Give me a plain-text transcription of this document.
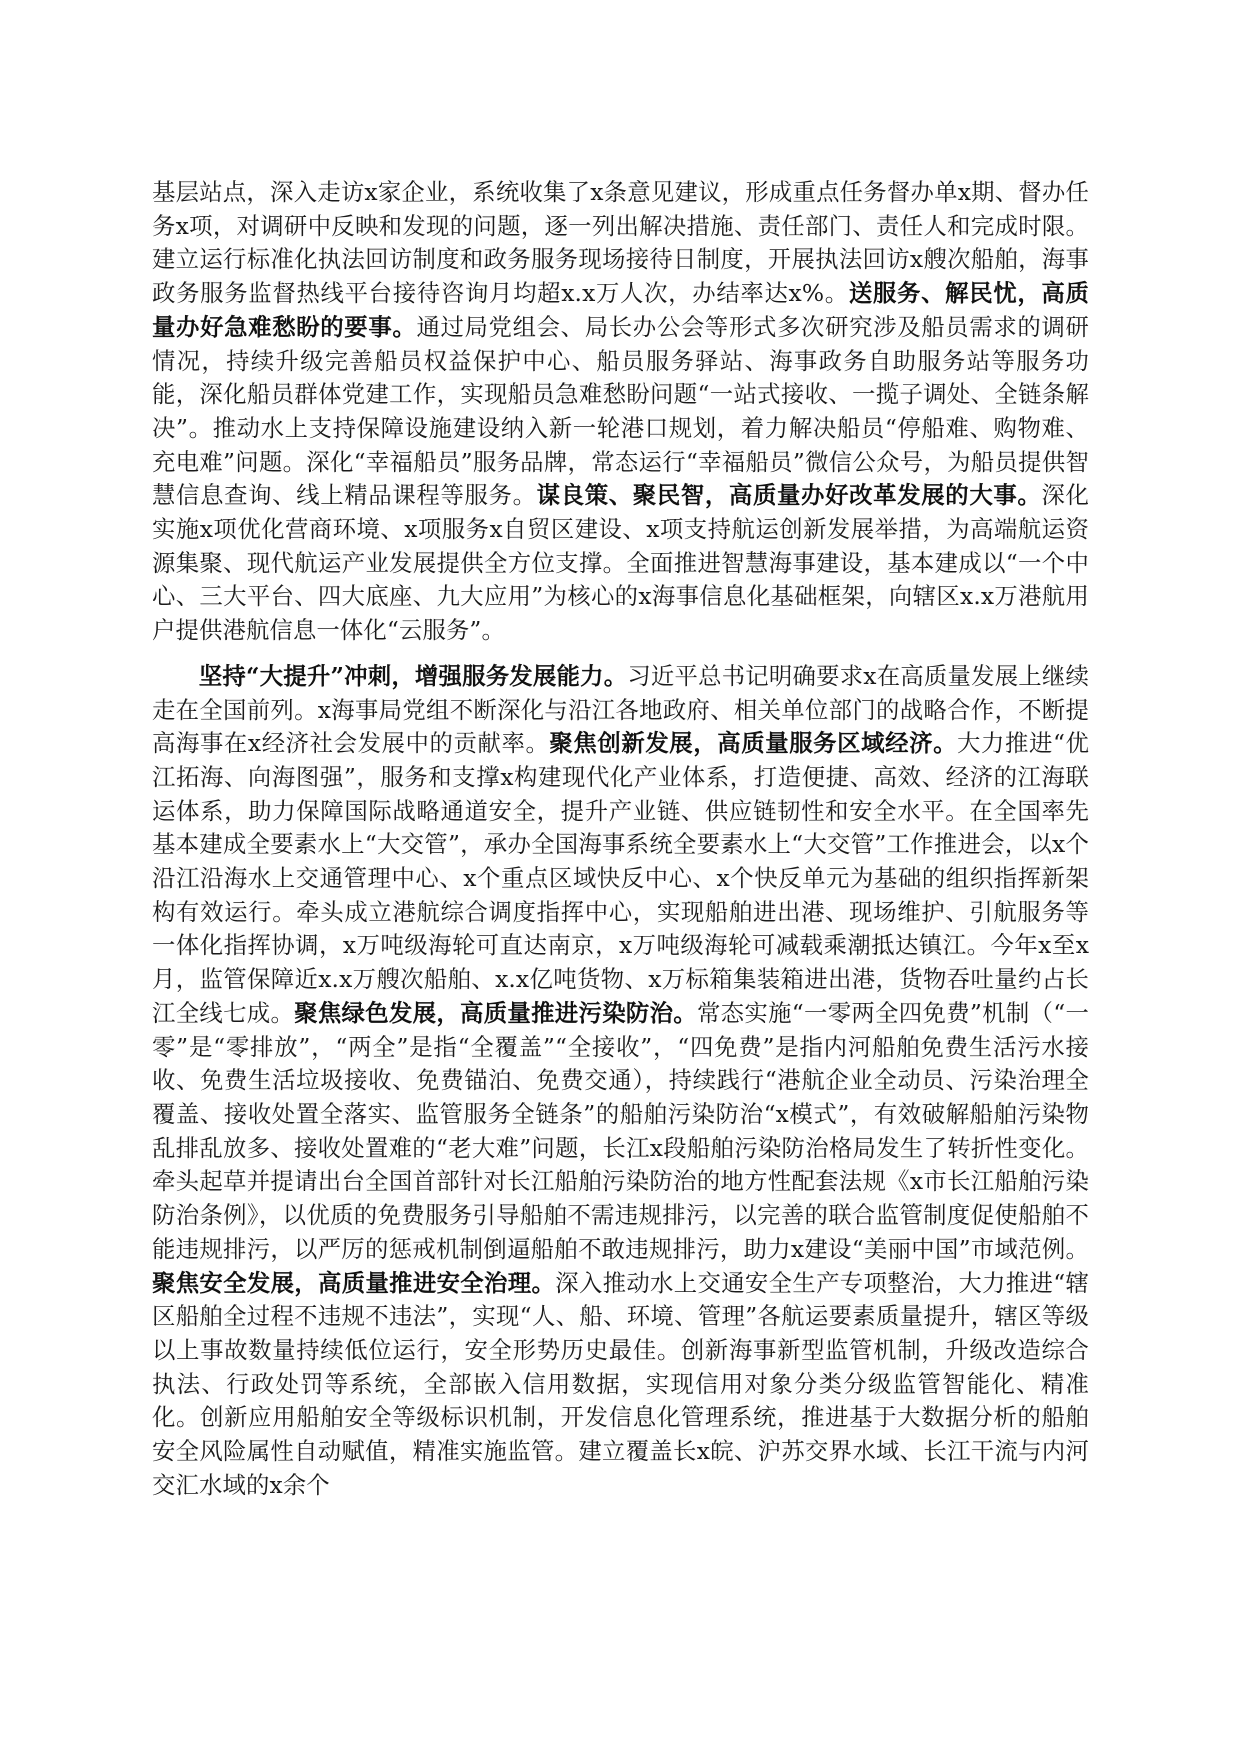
基层站点，深入走访x家企业，系统收集了x条意见建议，形成重点任务督办单x期、督办任务x项，对调研中反映和发现的问题，逐一列出解决措施、责任部门、责任人和完成时限。建立运行标准化执法回访制度和政务服务现场接待日制度，开展执法回访x艘次船舶，海事政务服务监督热线平台接待咨询月均超x.x万人次，办结率达x%。送服务、解民忧，高质量办好急难愁盼的要事。通过局党组会、局长办公会等形式多次研究涉及船员需求的调研情况，持续升级完善船员权益保护中心、船员服务驿站、海事政务自助服务站等服务功能，深化船员群体党建工作，实现船员急难愁盼问题“一站式接收、一揽子调处、全链条解决”。推动水上支持保障设施建设纳入新一轮港口规划，着力解决船员“停船难、购物难、充电难”问题。深化“幸福船员”服务品牌，常态运行“幸福船员”微信公众号，为船员提供智慧信息查询、线上精品课程等服务。谋良策、聚民智，高质量办好改革发展的大事。深化实施x项优化营商环境、x项服务x自贸区建设、x项支持航运创新发展举措，为高端航运资源集聚、现代航运产业发展提供全方位支撑。全面推进智慧海事建设，基本建成以“一个中心、三大平台、四大底座、九大应用”为核心的x海事信息化基础框架，向辖区x.x万港航用户提供港航信息一体化“云服务”。

坚持“大提升”冲刺，增强服务发展能力。习近平总书记明确要求x在高质量发展上继续走在全国前列。x海事局党组不断深化与沿江各地政府、相关单位部门的战略合作，不断提高海事在x经济社会发展中的贡献率。聚焦创新发展，高质量服务区域经济。大力推进“优江拓海、向海图强”，服务和支撑x构建现代化产业体系，打造便捷、高效、经济的江海联运体系，助力保障国际战略通道安全，提升产业链、供应链韧性和安全水平。在全国率先基本建成全要素水上“大交管”，承办全国海事系统全要素水上“大交管”工作推进会，以x个沿江沿海水上交通管理中心、x个重点区域快反中心、x个快反单元为基础的组织指挥新架构有效运行。牵头成立港航综合调度指挥中心，实现船舶进出港、现场维护、引航服务等一体化指挥协调，x万吨级海轮可直达南京，x万吨级海轮可减载乘潮抵达镇江。今年x至x月，监管保障近x.x万艘次船舶、x.x亿吨货物、x万标箱集装箱进出港，货物吞吐量约占长江全线七成。聚焦绿色发展，高质量推进污染防治。常态实施“一零两全四免费”机制（“一零”是“零排放”，“两全”是指“全覆盖”“全接收”，“四免费”是指内河船舶免费生活污水接收、免费生活垃圾接收、免费锚泊、免费交通），持续践行“港航企业全动员、污染治理全覆盖、接收处置全落实、监管服务全链条”的船舶污染防治“x模式”，有效破解船舶污染物乱排乱放多、接收处置难的“老大难”问题，长江x段船舶污染防治格局发生了转折性变化。牵头起草并提请出台全国首部针对长江船舶污染防治的地方性配套法规《x市长江船舶污染防治条例》，以优质的免费服务引导船舶不需违规排污，以完善的联合监管制度促使船舶不能违规排污，以严厉的惩戒机制倒逼船舶不敢违规排污，助力x建设“美丽中国”市域范例。聚焦安全发展，高质量推进安全治理。深入推动水上交通安全生产专项整治，大力推进“辖区船舶全过程不违规不违法”，实现“人、船、环境、管理”各航运要素质量提升，辖区等级以上事故数量持续低位运行，安全形势历史最佳。创新海事新型监管机制，升级改造综合执法、行政处罚等系统，全部嵌入信用数据，实现信用对象分类分级监管智能化、精准化。创新应用船舶安全等级标识机制，开发信息化管理系统，推进基于大数据分析的船舶安全风险属性自动赋值，精准实施监管。建立覆盖长x皖、沪苏交界水域、长江干流与内河交汇水域的x余个
